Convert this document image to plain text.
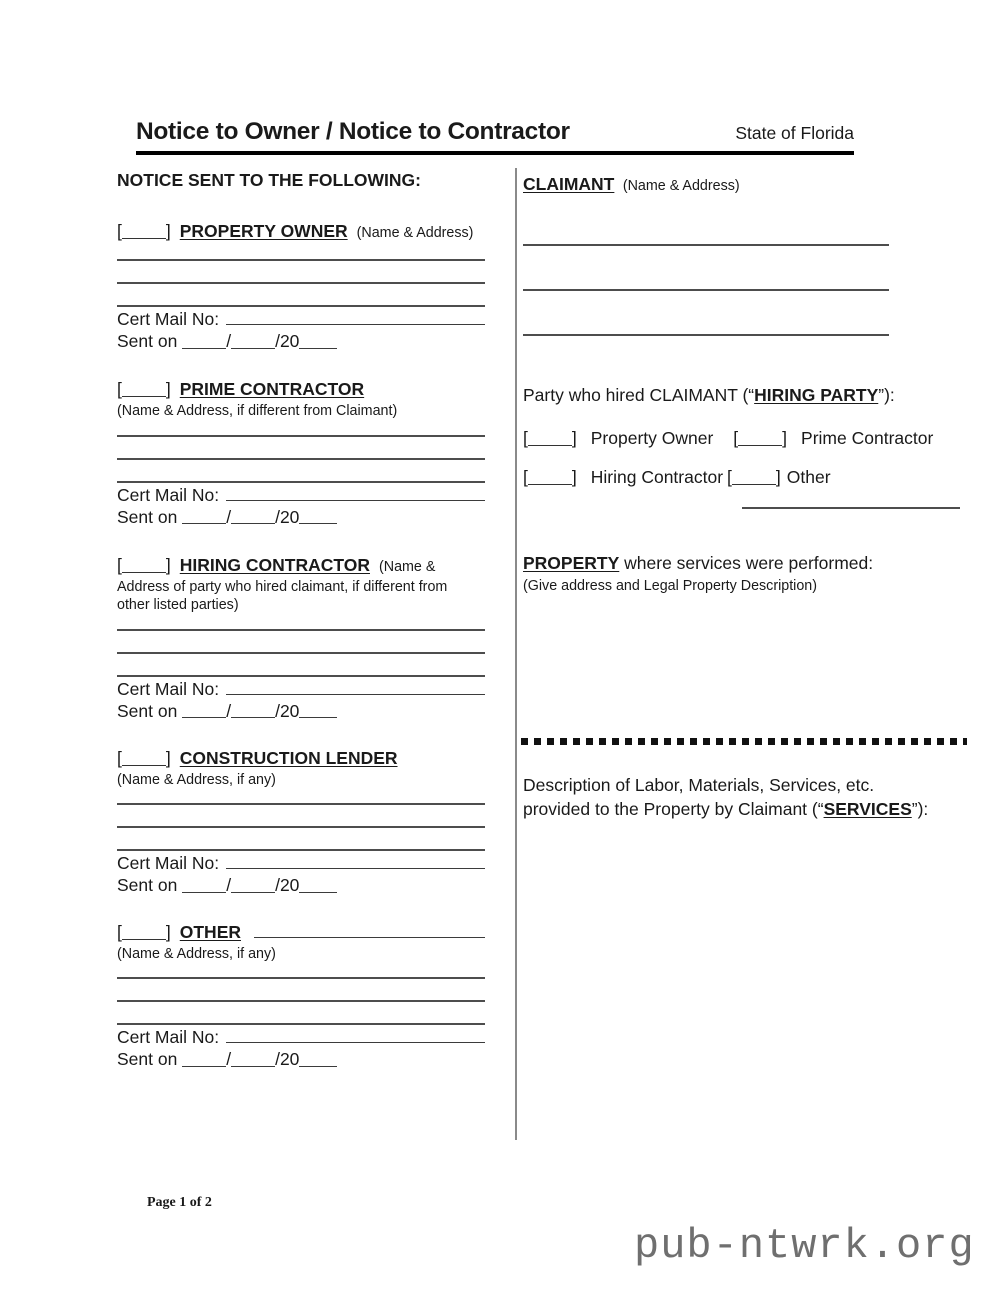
Notice to Owner / Notice to Contractor	State of Florida
NOTICE SENT TO THE FOLLOWING:
[	] PROPERTY OWNER (Name & Address)
Cert Mail No:
Sent on	/	/20
[	] PRIME CONTRACTOR
(Name & Address, if different from Claimant)
Cert Mail No:
Sent on	/	/20
[	] HIRING CONTRACTOR (Name &
Address of party who hired claimant, if different from other listed parties)
Cert Mail No:
Sent on	/	/20
[	] CONSTRUCTION LENDER
(Name & Address, if any)
Cert Mail No:
Sent on	/	/20
[	] OTHER
(Name & Address, if any)
Cert Mail No:
Sent on	/	/20
CLAIMANT (Name & Address)
Party who hired CLAIMANT (“HIRING PARTY”):
[	] Property Owner [	] Prime Contractor
[	] Hiring Contractor [	] Other
PROPERTY where services were performed:
(Give address and Legal Property Description)
Description of Labor, Materials, Services, etc.
provided to the Property by Claimant (“SERVICES”):
Page 1 of 2
pub-ntwrk.org
